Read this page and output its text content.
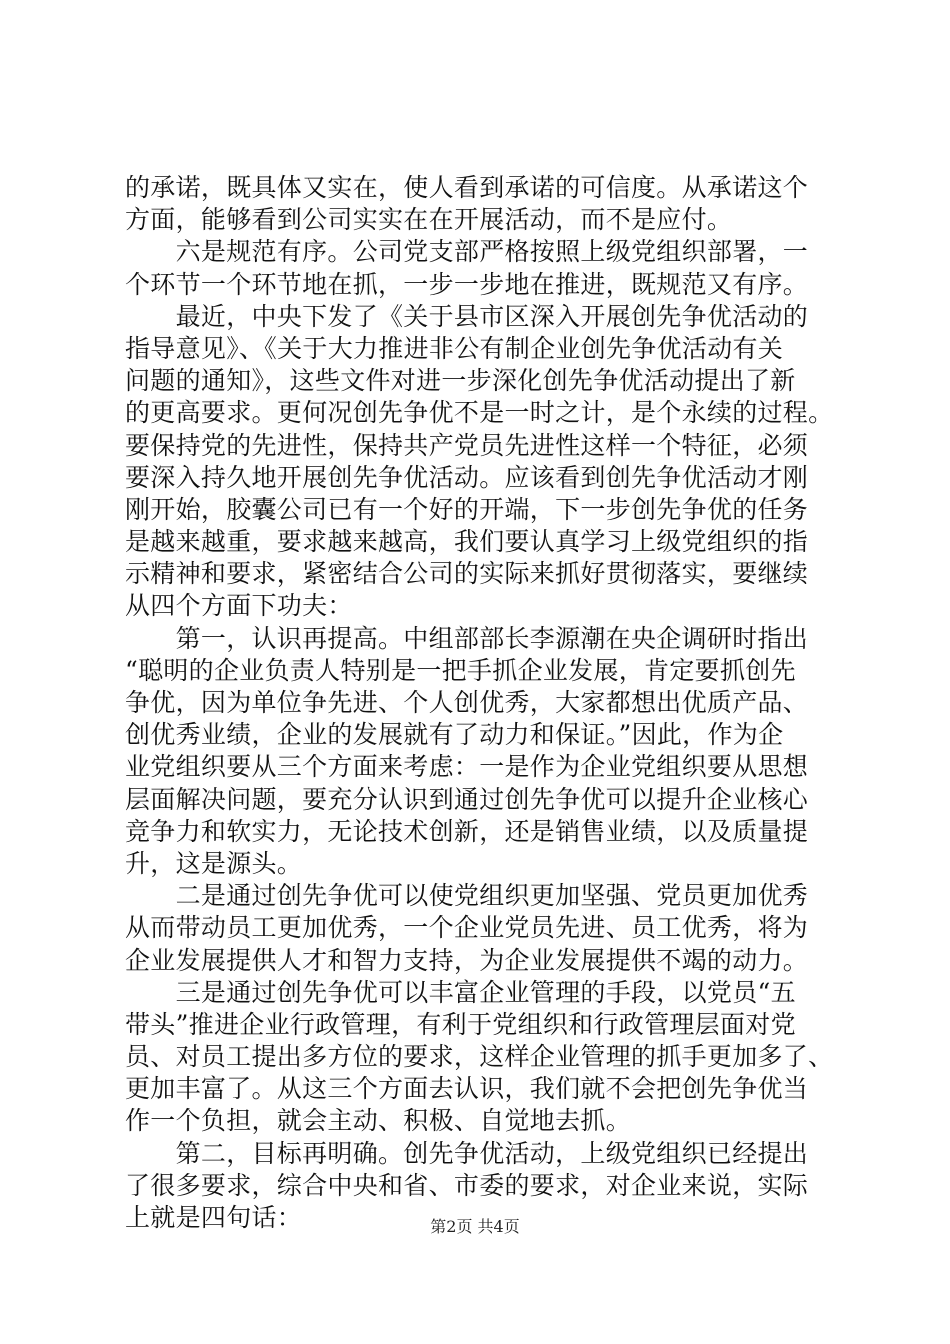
的承诺，既具体又实在，使人看到承诺的可信度。从承诺这个
方面，能够看到公司实实在在开展活动，而不是应付。
　　六是规范有序。公司党支部严格按照上级党组织部署，一
个环节一个环节地在抓，一步一步地在推进，既规范又有序。
　　最近，中央下发了《关于县市区深入开展创先争优活动的
指导意见》、《关于大力推进非公有制企业创先争优活动有关
问题的通知》，这些文件对进一步深化创先争优活动提出了新
的更高要求。更何况创先争优不是一时之计，是个永续的过程。
要保持党的先进性，保持共产党员先进性这样一个特征，必须
要深入持久地开展创先争优活动。应该看到创先争优活动才刚
刚开始，胶囊公司已有一个好的开端，下一步创先争优的任务
是越来越重，要求越来越高，我们要认真学习上级党组织的指
示精神和要求，紧密结合公司的实际来抓好贯彻落实，要继续
从四个方面下功夫：
　　第一，认识再提高。中组部部长李源潮在央企调研时指出
“聪明的企业负责人特别是一把手抓企业发展，肯定要抓创先
争优，因为单位争先进、个人创优秀，大家都想出优质产品、
创优秀业绩，企业的发展就有了动力和保证。”因此，作为企
业党组织要从三个方面来考虑：一是作为企业党组织要从思想
层面解决问题，要充分认识到通过创先争优可以提升企业核心
竞争力和软实力，无论技术创新，还是销售业绩，以及质量提
升，这是源头。
　　二是通过创先争优可以使党组织更加坚强、党员更加优秀
从而带动员工更加优秀，一个企业党员先进、员工优秀，将为
企业发展提供人才和智力支持，为企业发展提供不竭的动力。
　　三是通过创先争优可以丰富企业管理的手段，以党员“五
带头”推进企业行政管理，有利于党组织和行政管理层面对党
员、对员工提出多方位的要求，这样企业管理的抓手更加多了、
更加丰富了。从这三个方面去认识，我们就不会把创先争优当
作一个负担，就会主动、积极、自觉地去抓。
　　第二，目标再明确。创先争优活动，上级党组织已经提出
了很多要求，综合中央和省、市委的要求，对企业来说，实际
上就是四句话：	第2页 共4页
